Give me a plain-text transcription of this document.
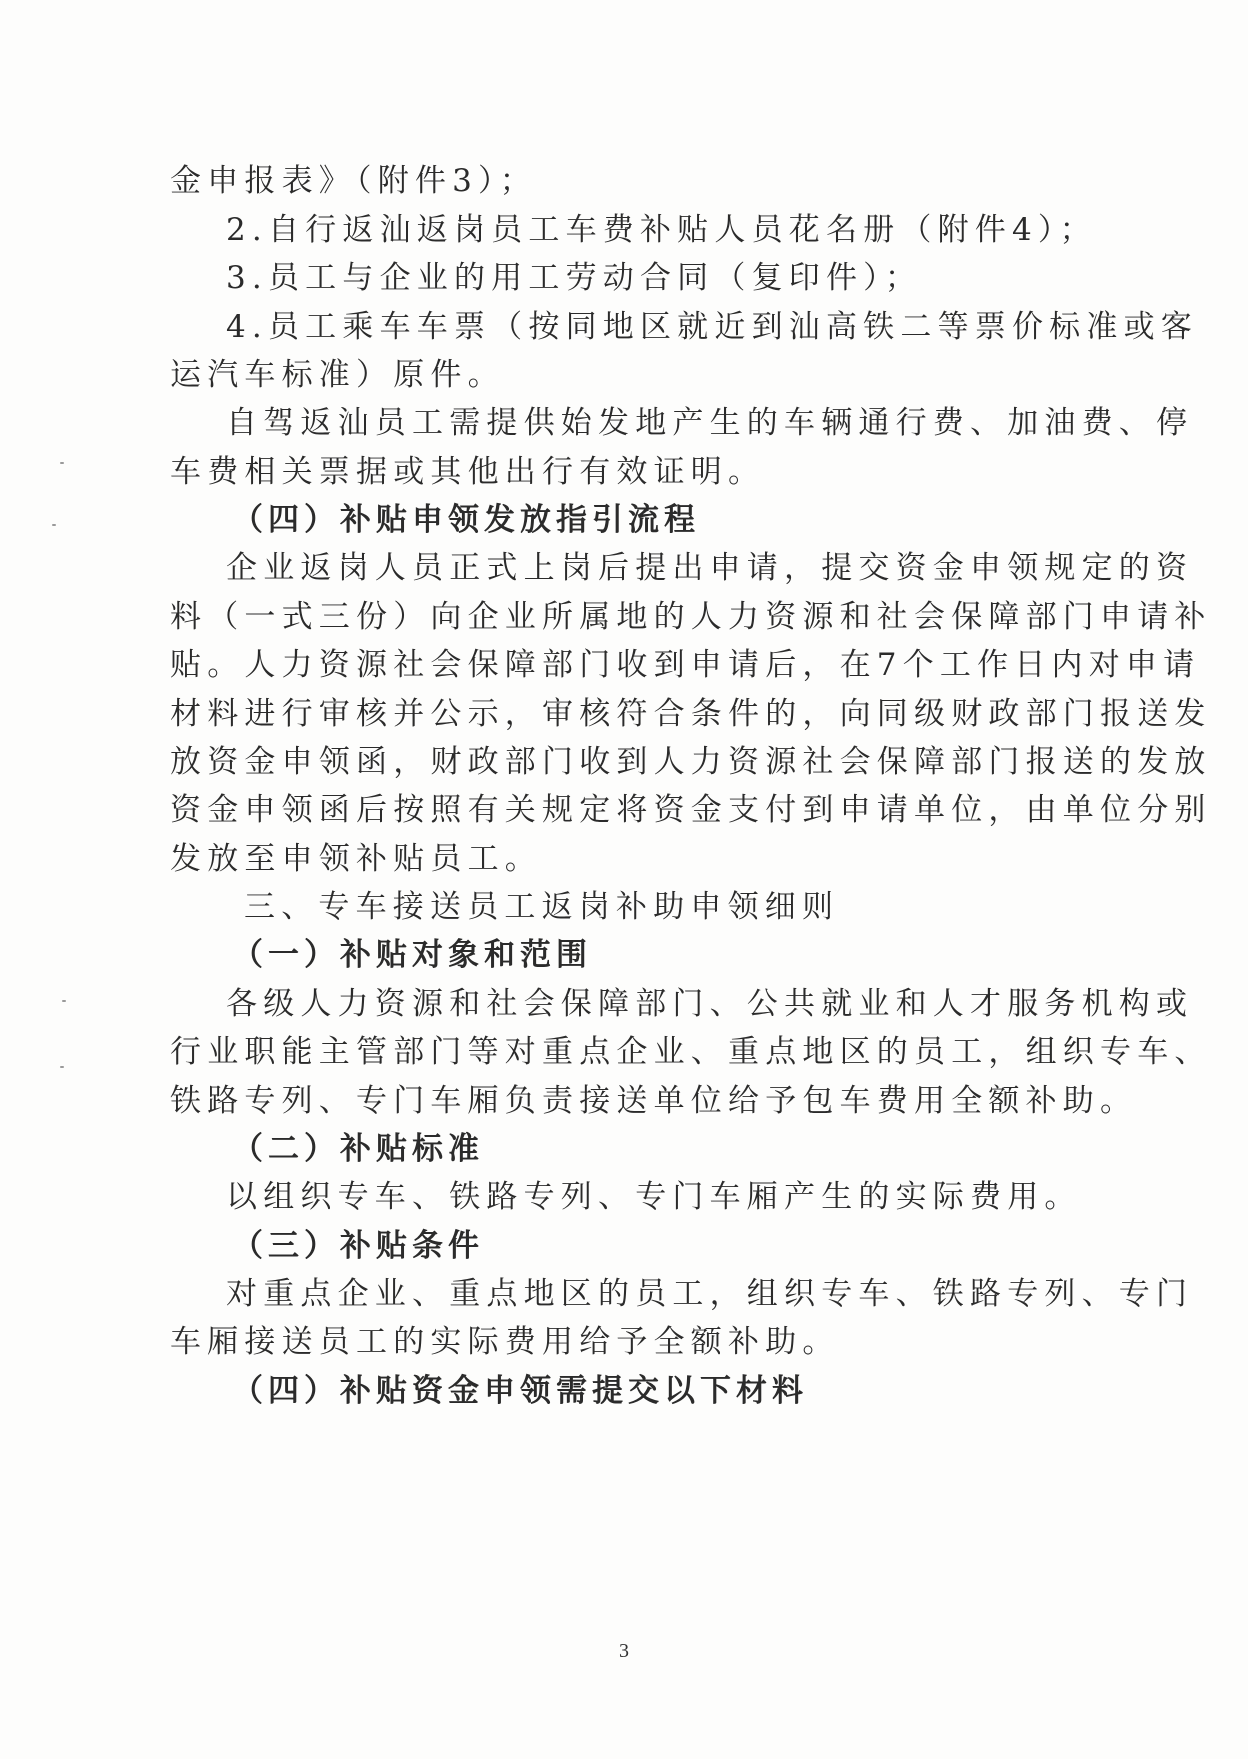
金申报表》（附件3）；
2.自行返汕返岗员工车费补贴人员花名册（附件4）；
3.员工与企业的用工劳动合同（复印件）；
4.员工乘车车票（按同地区就近到汕高铁二等票价标准或客
运汽车标准）原件。
自驾返汕员工需提供始发地产生的车辆通行费、加油费、停
车费相关票据或其他出行有效证明。
（四）补贴申领发放指引流程
企业返岗人员正式上岗后提出申请，提交资金申领规定的资
料（一式三份）向企业所属地的人力资源和社会保障部门申请补
贴。人力资源社会保障部门收到申请后，在7个工作日内对申请
材料进行审核并公示，审核符合条件的，向同级财政部门报送发
放资金申领函，财政部门收到人力资源社会保障部门报送的发放
资金申领函后按照有关规定将资金支付到申请单位，由单位分别
发放至申领补贴员工。
三、专车接送员工返岗补助申领细则
（一）补贴对象和范围
各级人力资源和社会保障部门、公共就业和人才服务机构或
行业职能主管部门等对重点企业、重点地区的员工，组织专车、
铁路专列、专门车厢负责接送单位给予包车费用全额补助。
（二）补贴标准
以组织专车、铁路专列、专门车厢产生的实际费用。
（三）补贴条件
对重点企业、重点地区的员工，组织专车、铁路专列、专门
车厢接送员工的实际费用给予全额补助。
（四）补贴资金申领需提交以下材料
3
